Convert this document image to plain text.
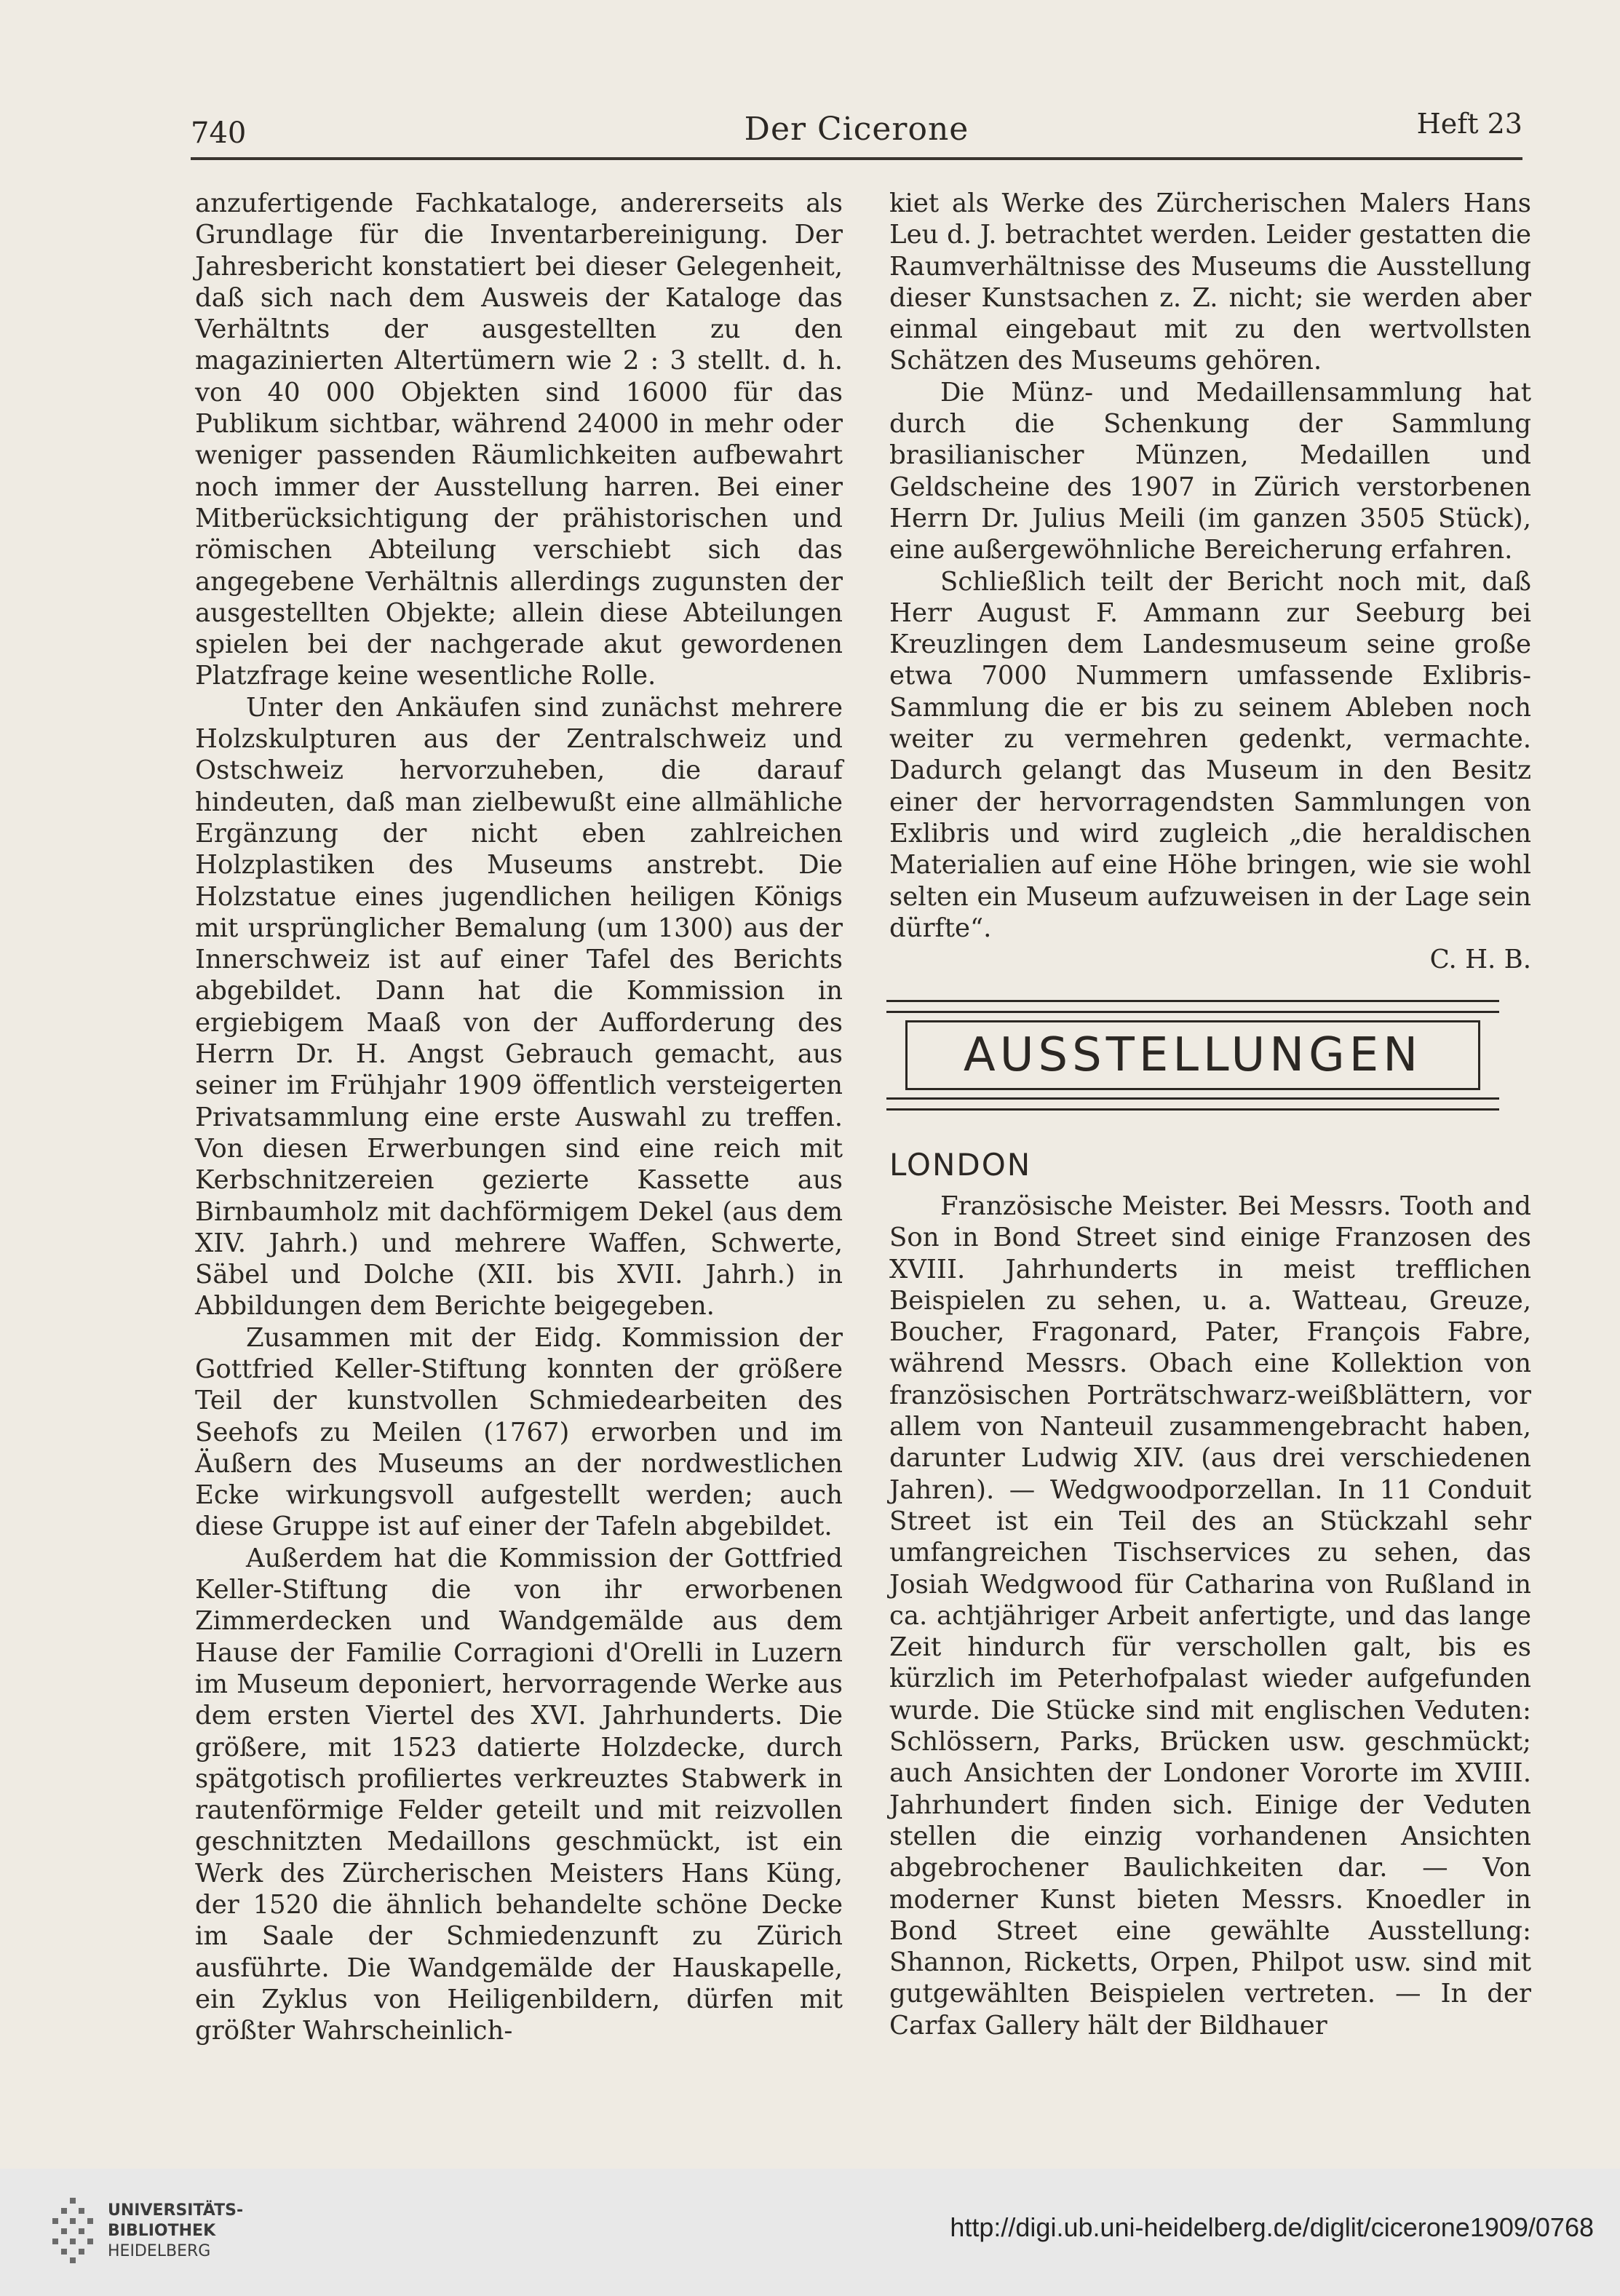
740	Der Cicerone	Heft 23

anzufertigende Fachkataloge, andererseits als Grundlage für die Inventarbereinigung. Der Jahresbericht konstatiert bei dieser Gelegenheit, daß sich nach dem Ausweis der Kataloge das Verhältnts der ausgestellten zu den magazinierten Altertümern wie 2 : 3 stellt. d. h. von 40 000 Objekten sind 16000 für das Publikum sichtbar, während 24000 in mehr oder weniger passenden Räumlichkeiten aufbewahrt noch immer der Ausstellung harren. Bei einer Mitberücksichtigung der prähistorischen und römischen Abteilung verschiebt sich das angegebene Verhältnis allerdings zugunsten der ausgestellten Objekte; allein diese Abteilungen spielen bei der nachgerade akut gewordenen Platzfrage keine wesentliche Rolle.

Unter den Ankäufen sind zunächst mehrere Holzskulpturen aus der Zentralschweiz und Ostschweiz hervorzuheben, die darauf hindeuten, daß man zielbewußt eine allmähliche Ergänzung der nicht eben zahlreichen Holzplastiken des Museums anstrebt. Die Holzstatue eines jugendlichen heiligen Königs mit ursprünglicher Bemalung (um 1300) aus der Innerschweiz ist auf einer Tafel des Berichts abgebildet. Dann hat die Kommission in ergiebigem Maaß von der Aufforderung des Herrn Dr. H. Angst Gebrauch gemacht, aus seiner im Frühjahr 1909 öffentlich versteigerten Privatsammlung eine erste Auswahl zu treffen. Von diesen Erwerbungen sind eine reich mit Kerbschnitzereien gezierte Kassette aus Birnbaumholz mit dachförmigem Dekel (aus dem XIV. Jahrh.) und mehrere Waffen, Schwerte, Säbel und Dolche (XII. bis XVII. Jahrh.) in Abbildungen dem Berichte beigegeben.

Zusammen mit der Eidg. Kommission der Gottfried Keller-Stiftung konnten der größere Teil der kunstvollen Schmiedearbeiten des Seehofs zu Meilen (1767) erworben und im Äußern des Museums an der nordwestlichen Ecke wirkungsvoll aufgestellt werden; auch diese Gruppe ist auf einer der Tafeln abgebildet.

Außerdem hat die Kommission der Gottfried Keller-Stiftung die von ihr erworbenen Zimmerdecken und Wandgemälde aus dem Hause der Familie Corragioni d'Orelli in Luzern im Museum deponiert, hervorragende Werke aus dem ersten Viertel des XVI. Jahrhunderts. Die größere, mit 1523 datierte Holzdecke, durch spätgotisch profiliertes verkreuztes Stabwerk in rautenförmige Felder geteilt und mit reizvollen geschnitzten Medaillons geschmückt, ist ein Werk des Zürcherischen Meisters Hans Küng, der 1520 die ähnlich behandelte schöne Decke im Saale der Schmiedenzunft zu Zürich ausführte. Die Wandgemälde der Hauskapelle, ein Zyklus von Heiligenbildern, dürfen mit größter Wahrscheinlich-

kiet als Werke des Zürcherischen Malers Hans Leu d. J. betrachtet werden. Leider gestatten die Raumverhältnisse des Museums die Ausstellung dieser Kunstsachen z. Z. nicht; sie werden aber einmal eingebaut mit zu den wertvollsten Schätzen des Museums gehören.

Die Münz- und Medaillensammlung hat durch die Schenkung der Sammlung brasilianischer Münzen, Medaillen und Geldscheine des 1907 in Zürich verstorbenen Herrn Dr. Julius Meili (im ganzen 3505 Stück), eine außergewöhnliche Bereicherung erfahren.

Schließlich teilt der Bericht noch mit, daß Herr August F. Ammann zur Seeburg bei Kreuzlingen dem Landesmuseum seine große etwa 7000 Nummern umfassende Exlibris-Sammlung die er bis zu seinem Ableben noch weiter zu vermehren gedenkt, vermachte. Dadurch gelangt das Museum in den Besitz einer der hervorragendsten Sammlungen von Exlibris und wird zugleich „die heraldischen Materialien auf eine Höhe bringen, wie sie wohl selten ein Museum aufzuweisen in der Lage sein dürfte“.

C. H. B.

AUSSTELLUNGEN
LONDON

Französische Meister. Bei Messrs. Tooth and Son in Bond Street sind einige Franzosen des XVIII. Jahrhunderts in meist trefflichen Beispielen zu sehen, u. a. Watteau, Greuze, Boucher, Fragonard, Pater, François Fabre, während Messrs. Obach eine Kollektion von französischen Porträtschwarz-weißblättern, vor allem von Nanteuil zusammengebracht haben, darunter Ludwig XIV. (aus drei verschiedenen Jahren). — Wedgwoodporzellan. In 11 Conduit Street ist ein Teil des an Stückzahl sehr umfangreichen Tischservices zu sehen, das Josiah Wedgwood für Catharina von Rußland in ca. achtjähriger Arbeit anfertigte, und das lange Zeit hindurch für verschollen galt, bis es kürzlich im Peterhofpalast wieder aufgefunden wurde. Die Stücke sind mit englischen Veduten: Schlössern, Parks, Brücken usw. geschmückt; auch Ansichten der Londoner Vororte im XVIII. Jahrhundert finden sich. Einige der Veduten stellen die einzig vorhandenen Ansichten abgebrochener Baulichkeiten dar. — Von moderner Kunst bieten Messrs. Knoedler in Bond Street eine gewählte Ausstellung: Shannon, Ricketts, Orpen, Philpot usw. sind mit gutgewählten Beispielen vertreten. — In der Carfax Gallery hält der Bildhauer

UNIVERSITÄTS-
BIBLIOTHEK
HEIDELBERG
http://digi.ub.uni-heidelberg.de/diglit/cicerone1909/0768
